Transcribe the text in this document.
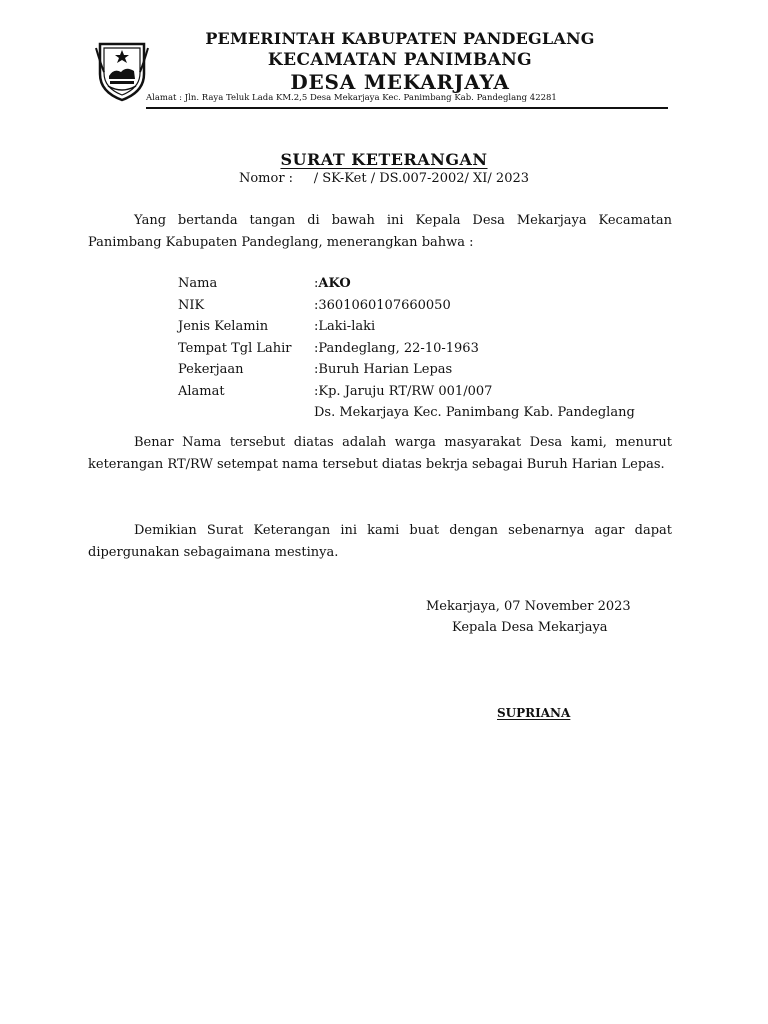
PEMERINTAH KABUPATEN PANDEGLANG
KECAMATAN PANIMBANG
DESA MEKARJAYA
Alamat : Jln. Raya Teluk Lada KM.2,5 Desa Mekarjaya Kec. Panimbang Kab. Pandeglang 42281
SURAT KETERANGAN
Nomor :     / SK-Ket / DS.007-2002/ XI/ 2023
Yang bertanda tangan di bawah ini Kepala Desa Mekarjaya Kecamatan Panimbang Kabupaten Pandeglang, menerangkan bahwa :
Nama	: AKO
NIK	: 3601060107660050
Jenis Kelamin	: Laki-laki
Tempat Tgl Lahir	: Pandeglang, 22-10-1963
Pekerjaan	: Buruh Harian Lepas
Alamat	: Kp. Jaruju RT/RW 001/007
Ds. Mekarjaya Kec. Panimbang Kab. Pandeglang
Benar Nama tersebut diatas adalah warga masyarakat Desa kami, menurut keterangan RT/RW setempat nama tersebut diatas bekrja sebagai Buruh Harian Lepas.
Demikian Surat Keterangan ini kami buat dengan sebenarnya agar dapat dipergunakan sebagaimana mestinya.
Mekarjaya, 07 November 2023
Kepala Desa Mekarjaya
SUPRIANA
